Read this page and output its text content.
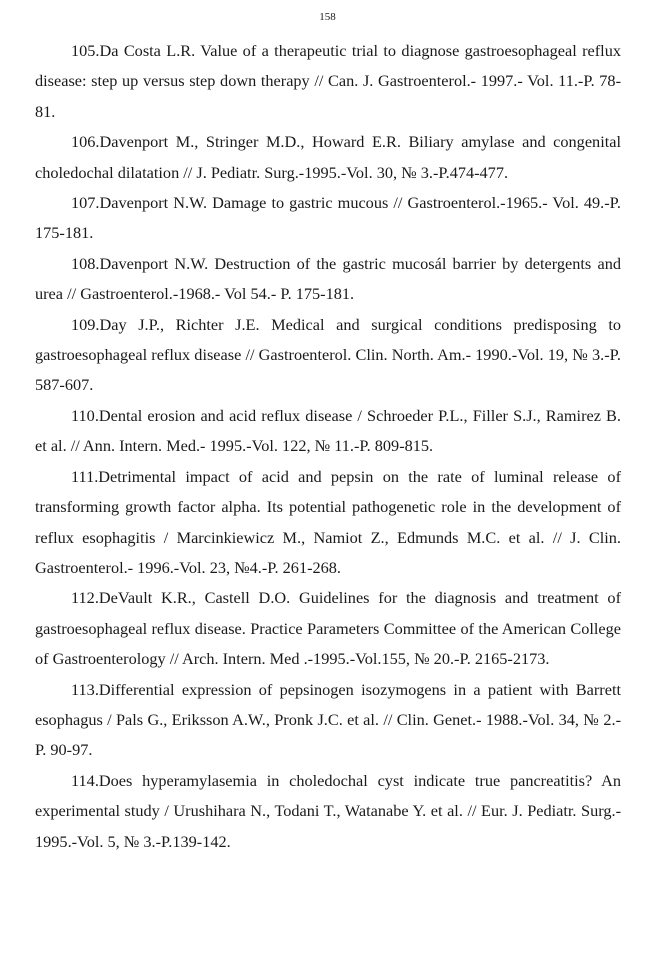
158

105.Da Costa L.R. Value of a therapeutic trial to diagnose gastroesophageal reflux disease: step up versus step down therapy // Can. J. Gastroenterol.- 1997.- Vol. 11.-P. 78-81.

106.Davenport M., Stringer M.D., Howard E.R. Biliary amylase and congenital choledochal dilatation // J. Pediatr. Surg.-1995.-Vol. 30, № 3.-P.474-477.

107.Davenport N.W. Damage to gastric mucous // Gastroenterol.-1965.- Vol. 49.-P. 175-181.

108.Davenport N.W. Destruction of the gastric mucosál barrier by detergents and urea // Gastroenterol.-1968.- Vol 54.- P. 175-181.

109.Day J.P., Richter J.E. Medical and surgical conditions predisposing to gastroesophageal reflux disease // Gastroenterol. Clin. North. Am.- 1990.-Vol. 19, № 3.-P. 587-607.

110.Dental erosion and acid reflux disease / Schroeder P.L., Filler S.J., Ramirez B. et al. // Ann. Intern. Med.- 1995.-Vol. 122, № 11.-P. 809-815.

111.Detrimental impact of acid and pepsin on the rate of luminal release of transforming growth factor alpha. Its potential pathogenetic role in the development of reflux esophagitis / Marcinkiewicz M., Namiot Z., Edmunds M.C. et al. // J. Clin. Gastroenterol.- 1996.-Vol. 23, №4.-P. 261-268.

112.DeVault K.R., Castell D.O. Guidelines for the diagnosis and treatment of gastroesophageal reflux disease. Practice Parameters Committee of the American College of Gastroenterology // Arch. Intern. Med .-1995.-Vol.155, № 20.-P. 2165-2173.

113.Differential expression of pepsinogen isozymogens in a patient with Barrett esophagus / Pals G., Eriksson A.W., Pronk J.C. et al. // Clin. Genet.- 1988.-Vol. 34, № 2.-P. 90-97.

114.Does hyperamylasemia in choledochal cyst indicate true pancreatitis? An experimental study / Urushihara N., Todani T., Watanabe Y. et al. // Eur. J. Pediatr. Surg.- 1995.-Vol. 5, № 3.-P.139-142.
